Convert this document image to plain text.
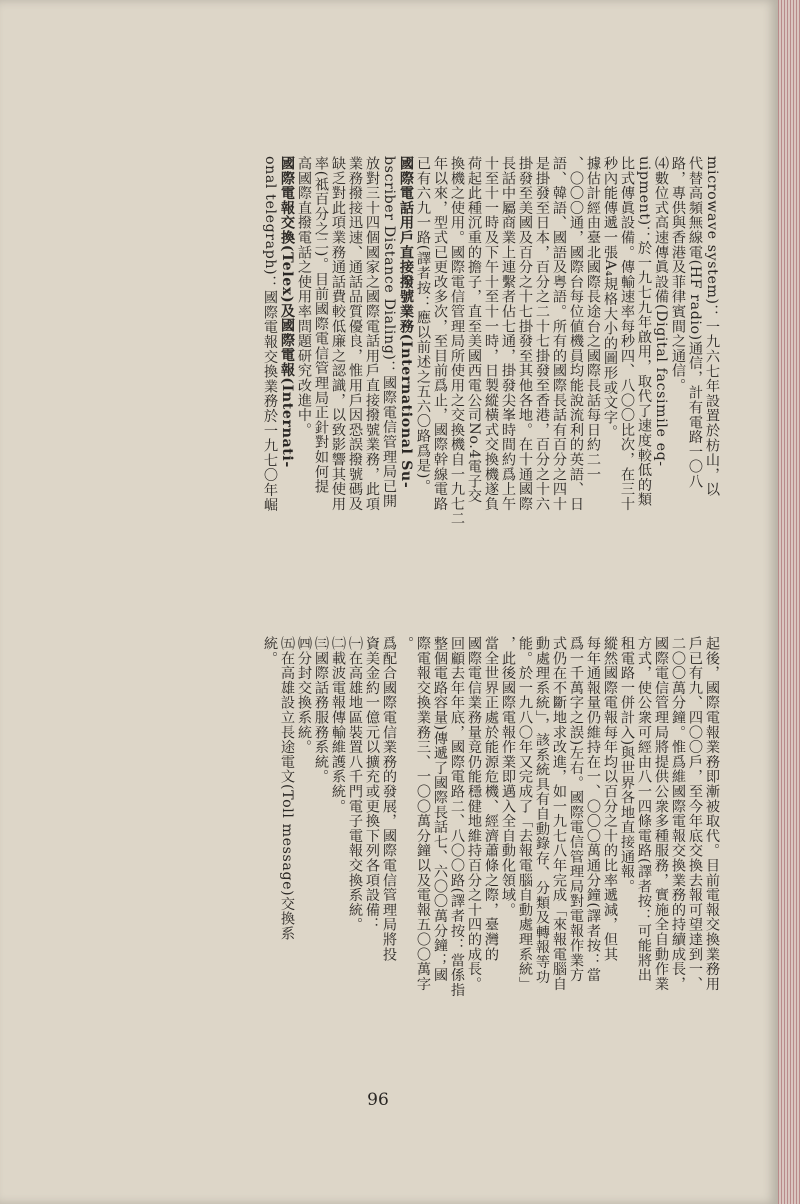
microwave system)：一九六七年設置於枋山，以

代替高頻無線電(HF radio)通信，計有電路一〇八

路，專供與香港及菲律賓間之通信。

⑷數位式高速傳眞設備(Digital facsimile eq-

uipment)：於一九七九年啟用，取代了速度較低的類

比式傳眞設備。傳輸速率每秒四、八〇〇比次，在三十

秒內能傳遞一張A₄規格大小的圖形或文字。

據估計經由臺北國際長途台之國際長話每日約二一

、〇〇〇通，國際台每位値機員均能說流利的英語、日

語、韓語、國語及粤語。所有的國際長話有百分之四十

是掛發至日本，百分之二十七掛發至香港，百分之十六

掛發至美國及百分之十七掛發至其他各地。在十通國際

長話中屬商業上連繫者佔七通，掛發尖峯時間約爲上午

十至十一時及下午十至十一時，日製縱橫式交換機遂負

荷起此種沉重的擔子，直至美國西電公司No.4電子交

換機之使用。國際電信管理局所使用之交換機自一九七二

年以來，型式已更改多次，至目前爲止，國際幹線電路

已有六九一路(譯者按：應以前述之五六〇路爲是)。

國際電話用戶直接撥號業務(International Su-

bscriber Distance Dialing)：國際電信管理局已開

放對三十四個國家之國際電話用戶直接撥號業務，此項

業務撥接迅速、通話品質優良，惟用戶因恐誤撥號碼及

缺乏對此項業務通話費較低廉之認識，以致影響其使用

率(祗百分之二)。目前國際電信管理局正針對如何提

高國際直撥電話之使用率問題研究改進中。

國際電報交換(Telex)及國際電報(Internati-

onal telegraph)：國際電報交換業務於一九七〇年崛

起後，國際電報業務即漸被取代。目前電報交換業務用

戶已有九、四〇〇戶，至今年底交換去報可望達到一、

二〇〇萬分鐘。惟爲維國際電報交換業務的持續成長，

國際電信管理局將提供公衆多種服務，實施全自動作業

方式，使公衆可經由八一四條電路(譯者按：可能將出

租電路一併計入)與世界各地直接通報。

縱然國際電報每年均以百分之十的比率遞減，但其

每年通報量仍維持在一、〇〇〇萬通分鐘(譯者按：當

爲一千萬字之誤)左右。國際電信管理局對電報作業方

式仍在不斷地求改進，如一九七八年完成「來報電腦自

動處理系統」，該系統具有自動錄存、分類及轉報等功

能。於一九八〇年又完成了「去報電腦自動處理系統」

，此後國際電報作業即邁入全自動化領域。

當全世界正處於能源危機、經濟蕭條之際，臺灣的

國際電信業務量竟仍能穩健地維持百分之十四的成長。

回顧去年年底，國際電路二、八〇〇路(譯者按：當係指

整個電路容量)傳遞了國際長話七、六〇〇萬分鐘；國

際電報交換業務三、一〇〇萬分鐘以及電報五〇〇萬字

。

爲配合國際電信業務的發展，國際電信管理局將投

資美金約一億元以擴充或更換下列各項設備：

㈠在高雄地區裝置八千門電子電報交換系統。

㈡載波電報傳輸維護系統。

㈢國際話務服務系統。

㈣分封交換系統。

㈤在高雄設立長途電文(Toll message)交換系

統。

96
